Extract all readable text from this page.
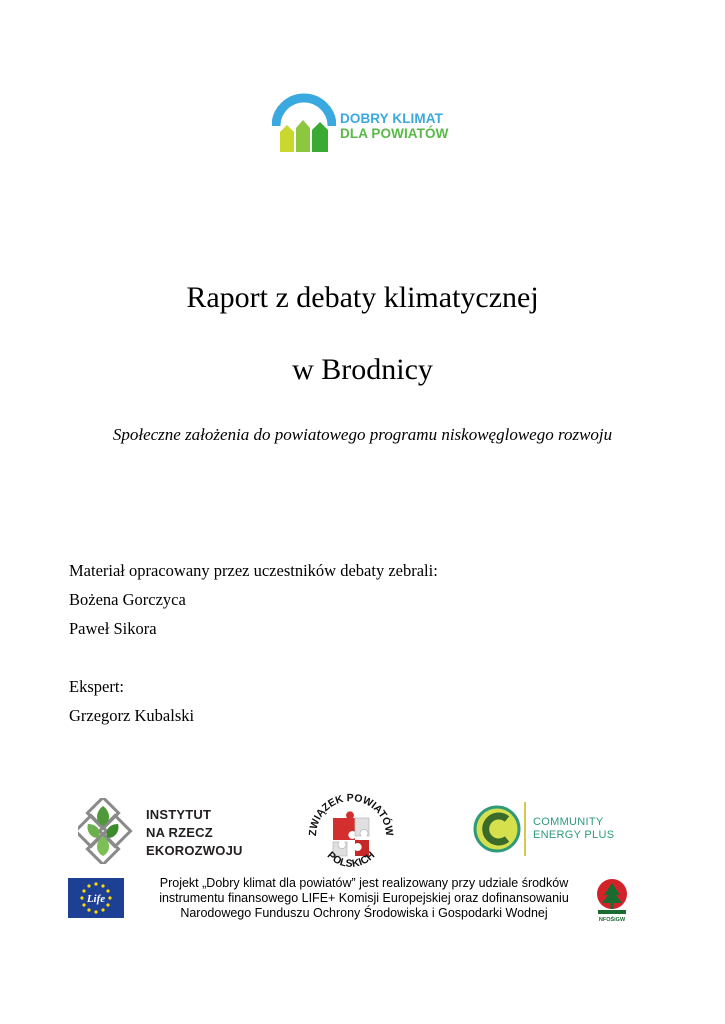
DOBRY KLIMAT
DLA POWIATÓW
Raport z debaty klimatycznej
w Brodnicy
Społeczne założenia do powiatowego programu niskowęglowego rozwoju
Materiał opracowany przez uczestników debaty zebrali:
Bożena Gorczyca
Paweł Sikora
Ekspert:
Grzegorz Kubalski
INSTYTUT
NA RZECZ
EKOROZWOJU
ZWIĄZEK POWIATÓW
POLSKICH
COMMUNITY
ENERGY PLUS
Life
Projekt „Dobry klimat dla powiatów” jest realizowany przy udziale środków
instrumentu finansowego LIFE+ Komisji Europejskiej oraz dofinansowaniu
Narodowego Funduszu Ochrony Środowiska i Gospodarki Wodnej	NFOŚiGW
